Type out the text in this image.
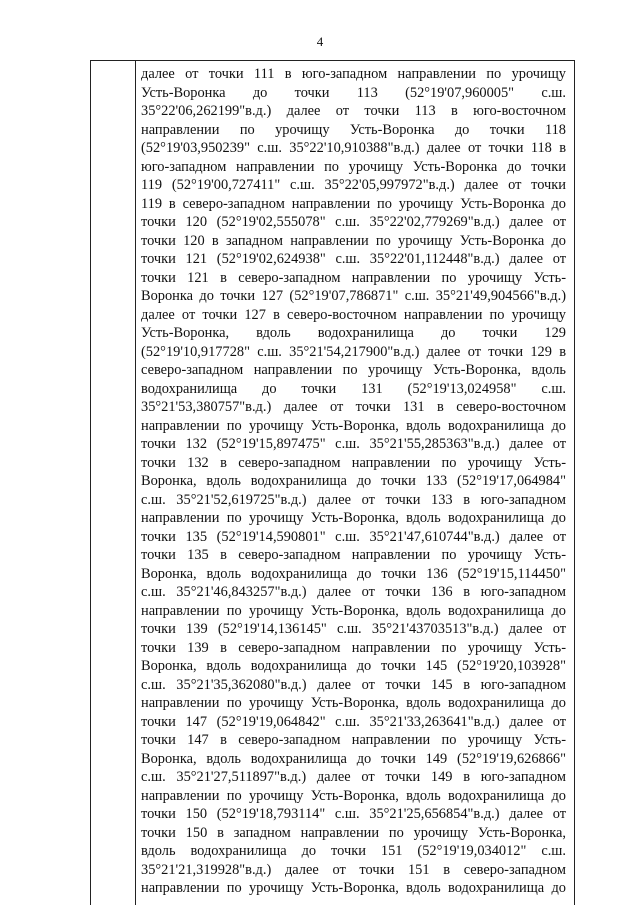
4
далее от точки 111 в юго-западном направлении по урочищу
Усть-Воронка до точки 113 (52°19'07,960005" с.ш.
35°22'06,262199"в.д.) далее от точки 113 в юго-восточном
направлении по урочищу Усть-Воронка до точки 118
(52°19'03,950239" с.ш. 35°22'10,910388"в.д.) далее от точки 118 в
юго-западном направлении по урочищу Усть-Воронка до точки
119 (52°19'00,727411" с.ш. 35°22'05,997972"в.д.) далее от точки
119 в северо-западном направлении по урочищу Усть-Воронка до
точки 120 (52°19'02,555078" с.ш. 35°22'02,779269"в.д.) далее от
точки 120 в западном направлении по урочищу Усть-Воронка до
точки 121 (52°19'02,624938" с.ш. 35°22'01,112448"в.д.) далее от
точки 121 в северо-западном направлении по урочищу Усть-
Воронка до точки 127 (52°19'07,786871" с.ш. 35°21'49,904566"в.д.)
далее от точки 127 в северо-восточном направлении по урочищу
Усть-Воронка, вдоль водохранилища до точки 129
(52°19'10,917728" с.ш. 35°21'54,217900"в.д.) далее от точки 129 в
северо-западном направлении по урочищу Усть-Воронка, вдоль
водохранилища до точки 131 (52°19'13,024958" с.ш.
35°21'53,380757"в.д.) далее от точки 131 в северо-восточном
направлении по урочищу Усть-Воронка, вдоль водохранилища до
точки 132 (52°19'15,897475" с.ш. 35°21'55,285363"в.д.) далее от
точки 132 в северо-западном направлении по урочищу Усть-
Воронка, вдоль водохранилища до точки 133 (52°19'17,064984"
с.ш. 35°21'52,619725"в.д.) далее от точки 133 в юго-западном
направлении по урочищу Усть-Воронка, вдоль водохранилища до
точки 135 (52°19'14,590801" с.ш. 35°21'47,610744"в.д.) далее от
точки 135 в северо-западном направлении по урочищу Усть-
Воронка, вдоль водохранилища до точки 136 (52°19'15,114450"
с.ш. 35°21'46,843257"в.д.) далее от точки 136 в юго-западном
направлении по урочищу Усть-Воронка, вдоль водохранилища до
точки 139 (52°19'14,136145" с.ш. 35°21'43703513"в.д.) далее от
точки 139 в северо-западном направлении по урочищу Усть-
Воронка, вдоль водохранилища до точки 145 (52°19'20,103928"
с.ш. 35°21'35,362080"в.д.) далее от точки 145 в юго-западном
направлении по урочищу Усть-Воронка, вдоль водохранилища до
точки 147 (52°19'19,064842" с.ш. 35°21'33,263641"в.д.) далее от
точки 147 в северо-западном направлении по урочищу Усть-
Воронка, вдоль водохранилища до точки 149 (52°19'19,626866"
с.ш. 35°21'27,511897"в.д.) далее от точки 149 в юго-западном
направлении по урочищу Усть-Воронка, вдоль водохранилища до
точки 150 (52°19'18,793114" с.ш. 35°21'25,656854"в.д.) далее от
точки 150 в западном направлении по урочищу Усть-Воронка,
вдоль водохранилища до точки 151 (52°19'19,034012" с.ш.
35°21'21,319928"в.д.) далее от точки 151 в северо-западном
направлении по урочищу Усть-Воронка, вдоль водохранилища до
